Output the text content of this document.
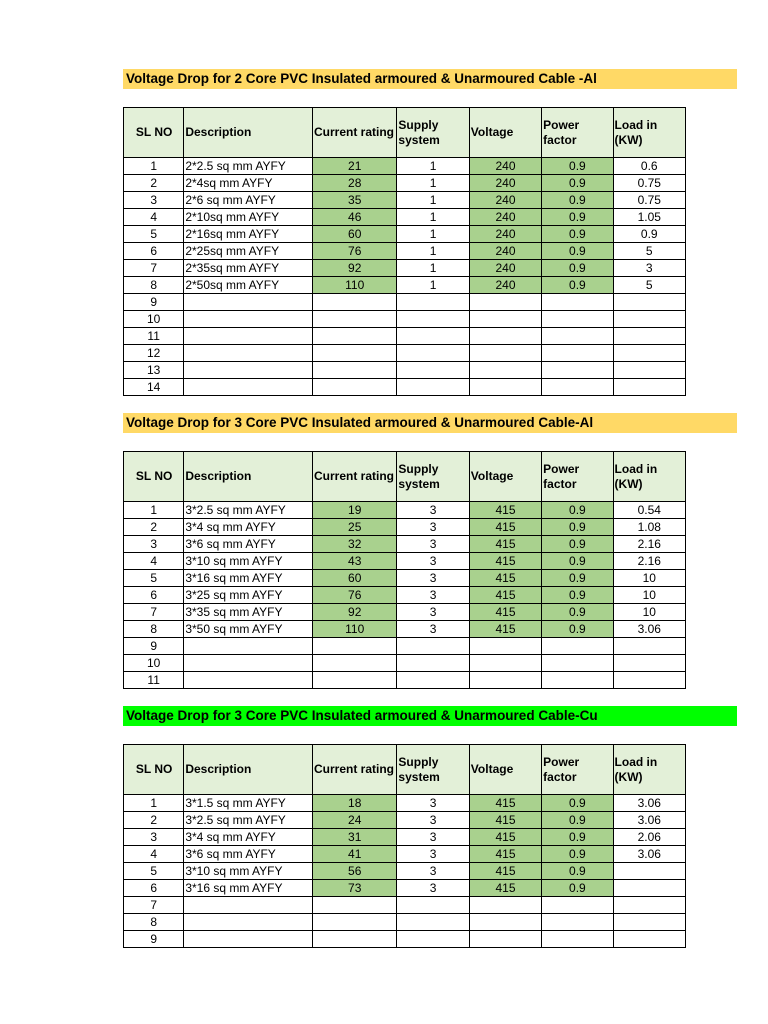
Voltage Drop for 2 Core PVC Insulated armoured & Unarmoured Cable -Al
SL NO	Description	Current rating	Supply system	Voltage	Power factor	Load in (KW)
1	2*2.5 sq mm AYFY	21	1	240	0.9	0.6
2	2*4sq mm AYFY	28	1	240	0.9	0.75
3	2*6 sq mm AYFY	35	1	240	0.9	0.75
4	2*10sq mm AYFY	46	1	240	0.9	1.05
5	2*16sq mm AYFY	60	1	240	0.9	0.9
6	2*25sq mm AYFY	76	1	240	0.9	5
7	2*35sq mm AYFY	92	1	240	0.9	3
8	2*50sq mm AYFY	110	1	240	0.9	5
9						
10						
11						
12						
13						
14						
Voltage Drop for 3 Core PVC Insulated armoured & Unarmoured Cable-Al
SL NO	Description	Current rating	Supply system	Voltage	Power factor	Load in (KW)
1	3*2.5 sq mm AYFY	19	3	415	0.9	0.54
2	3*4 sq mm AYFY	25	3	415	0.9	1.08
3	3*6 sq mm AYFY	32	3	415	0.9	2.16
4	3*10 sq mm AYFY	43	3	415	0.9	2.16
5	3*16 sq mm AYFY	60	3	415	0.9	10
6	3*25 sq mm AYFY	76	3	415	0.9	10
7	3*35 sq mm AYFY	92	3	415	0.9	10
8	3*50 sq mm AYFY	110	3	415	0.9	3.06
9						
10						
11						
Voltage Drop for 3 Core PVC Insulated armoured & Unarmoured Cable-Cu
SL NO	Description	Current rating	Supply system	Voltage	Power factor	Load in (KW)
1	3*1.5 sq mm AYFY	18	3	415	0.9	3.06
2	3*2.5 sq mm AYFY	24	3	415	0.9	3.06
3	3*4 sq mm AYFY	31	3	415	0.9	2.06
4	3*6 sq mm AYFY	41	3	415	0.9	3.06
5	3*10 sq mm AYFY	56	3	415	0.9	
6	3*16 sq mm AYFY	73	3	415	0.9	
7						
8						
9						
